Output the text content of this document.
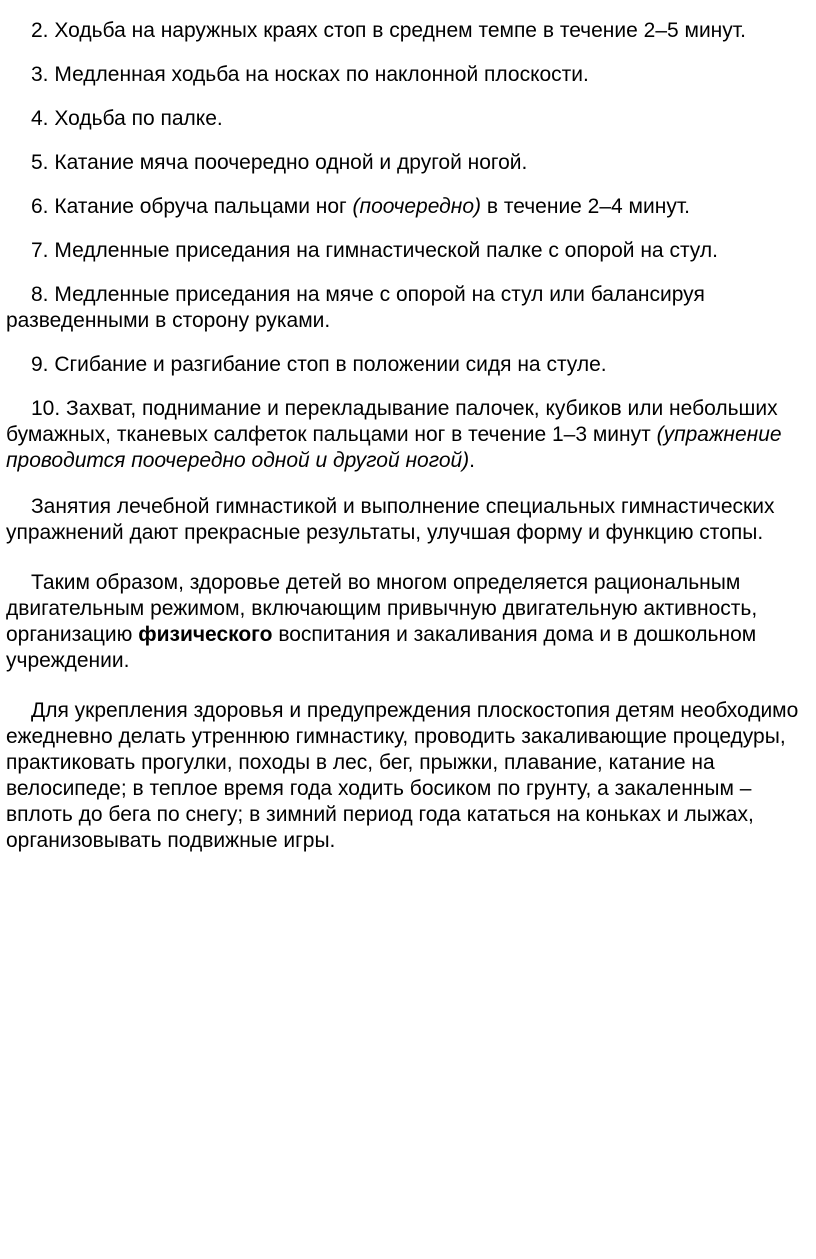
2. Ходьба на наружных краях стоп в среднем темпе в течение 2–5 минут.

3. Медленная ходьба на носках по наклонной плоскости.

4. Ходьба по палке.

5. Катание мяча поочередно одной и другой ногой.

6. Катание обруча пальцами ног (поочередно) в течение 2–4 минут.

7. Медленные приседания на гимнастической палке с опорой на стул.

8. Медленные приседания на мяче с опорой на стул или балансируя разведенными в сторону руками.

9. Сгибание и разгибание стоп в положении сидя на стуле.

10. Захват, поднимание и перекладывание палочек, кубиков или небольших бумажных, тканевых салфеток пальцами ног в течение 1–3 минут (упражнение проводится поочередно одной и другой ногой).

Занятия лечебной гимнастикой и выполнение специальных гимнастических упражнений дают прекрасные результаты, улучшая форму и функцию стопы.

Таким образом, здоровье детей во многом определяется рациональным двигательным режимом, включающим привычную двигательную активность, организацию физического воспитания и закаливания дома и в дошкольном учреждении.

Для укрепления здоровья и предупреждения плоскостопия детям необходимо ежедневно делать утреннюю гимнастику, проводить закаливающие процедуры, практиковать прогулки, походы в лес, бег, прыжки, плавание, катание на велосипеде; в теплое время года ходить босиком по грунту, а закаленным – вплоть до бега по снегу; в зимний период года кататься на коньках и лыжах, организовывать подвижные игры.
